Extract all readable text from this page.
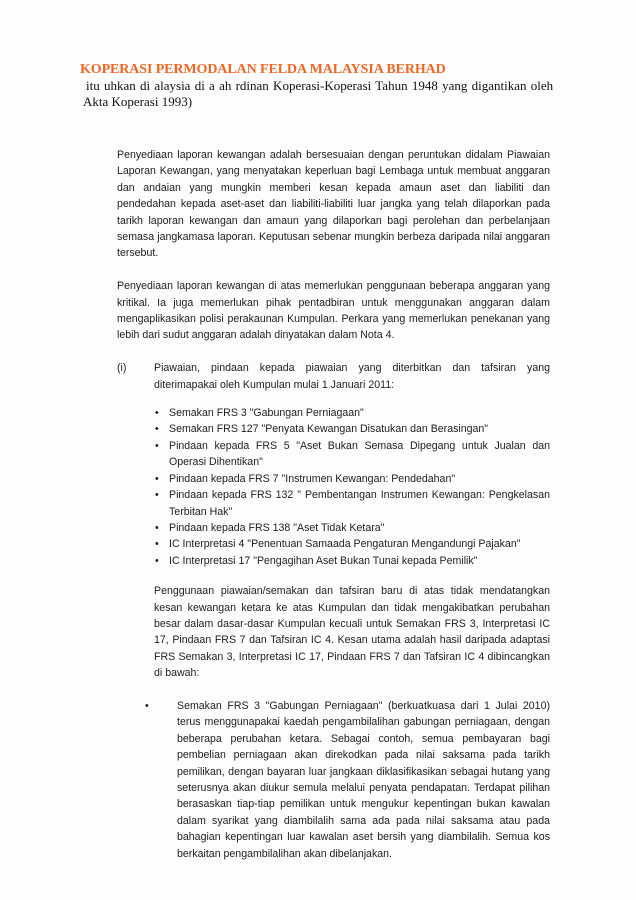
KOPERASI PERMODALAN FELDA MALAYSIA BERHAD

itu uhkan di alaysia di a ah rdinan Koperasi-Koperasi Tahun 1948 yang digantikan oleh
Akta Koperasi 1993)

Penyediaan laporan kewangan adalah bersesuaian dengan peruntukan didalam Piawaian Laporan Kewangan, yang menyatakan keperluan bagi Lembaga untuk membuat anggaran dan andaian yang mungkin memberi kesan kepada amaun aset dan liabiliti dan pendedahan kepada aset-aset dan liabiliti-liabiliti luar jangka yang telah dilaporkan pada tarikh laporan kewangan dan amaun yang dilaporkan bagi perolehan dan perbelanjaan semasa jangkamasa laporan. Keputusan sebenar mungkin berbeza daripada nilai anggaran tersebut.

Penyediaan laporan kewangan di atas memerlukan penggunaan beberapa anggaran yang kritikal. Ia juga memerlukan pihak pentadbiran untuk menggunakan anggaran dalam mengaplikasikan polisi perakaunan Kumpulan. Perkara yang memerlukan penekanan yang lebih dari sudut anggaran adalah dinyatakan dalam Nota 4.

(i)	Piawaian, pindaan kepada piawaian yang diterbitkan dan tafsiran yang diterimapakai oleh Kumpulan mulai 1 Januari 2011:
• Semakan FRS 3 "Gabungan Perniagaan"
• Semakan FRS 127 "Penyata Kewangan Disatukan dan Berasingan"
• Pindaan kepada FRS 5 "Aset Bukan Semasa Dipegang untuk Jualan dan Operasi Dihentikan"
• Pindaan kepada FRS 7 "Instrumen Kewangan: Pendedahan"
• Pindaan kepada FRS 132 " Pembentangan Instrumen Kewangan: Pengkelasan Terbitan Hak"
• Pindaan kepada FRS 138 "Aset Tidak Ketara"
• IC Interpretasi 4 "Penentuan Samaada Pengaturan Mengandungi Pajakan"
• IC Interpretasi 17 "Pengagihan Aset Bukan Tunai kepada Pemilik"

Penggunaan piawaian/semakan dan tafsiran baru di atas tidak mendatangkan kesan kewangan ketara ke atas Kumpulan dan tidak mengakibatkan perubahan besar dalam dasar-dasar Kumpulan kecuali untuk Semakan FRS 3, Interpretasi IC 17, Pindaan FRS 7 dan Tafsiran IC 4. Kesan utama adalah hasil daripada adaptasi FRS Semakan 3, Interpretasi IC 17, Pindaan FRS 7 dan Tafsiran IC 4 dibincangkan di bawah:

•	Semakan FRS 3 "Gabungan Perniagaan" (berkuatkuasa dari 1 Julai 2010) terus menggunapakai kaedah pengambilalihan gabungan perniagaan, dengan beberapa perubahan ketara. Sebagai contoh, semua pembayaran bagi pembelian perniagaan akan direkodkan pada nilai saksama pada tarikh pemilikan, dengan bayaran luar jangkaan diklasifikasikan sebagai hutang yang seterusnya akan diukur semula melalui penyata pendapatan. Terdapat pilihan berasaskan tiap-tiap pemilikan untuk mengukur kepentingan bukan kawalan dalam syarikat yang diambilalih sama ada pada nilai saksama atau pada bahagian kepentingan luar kawalan aset bersih yang diambilalih. Semua kos berkaitan pengambilalihan akan dibelanjakan.
